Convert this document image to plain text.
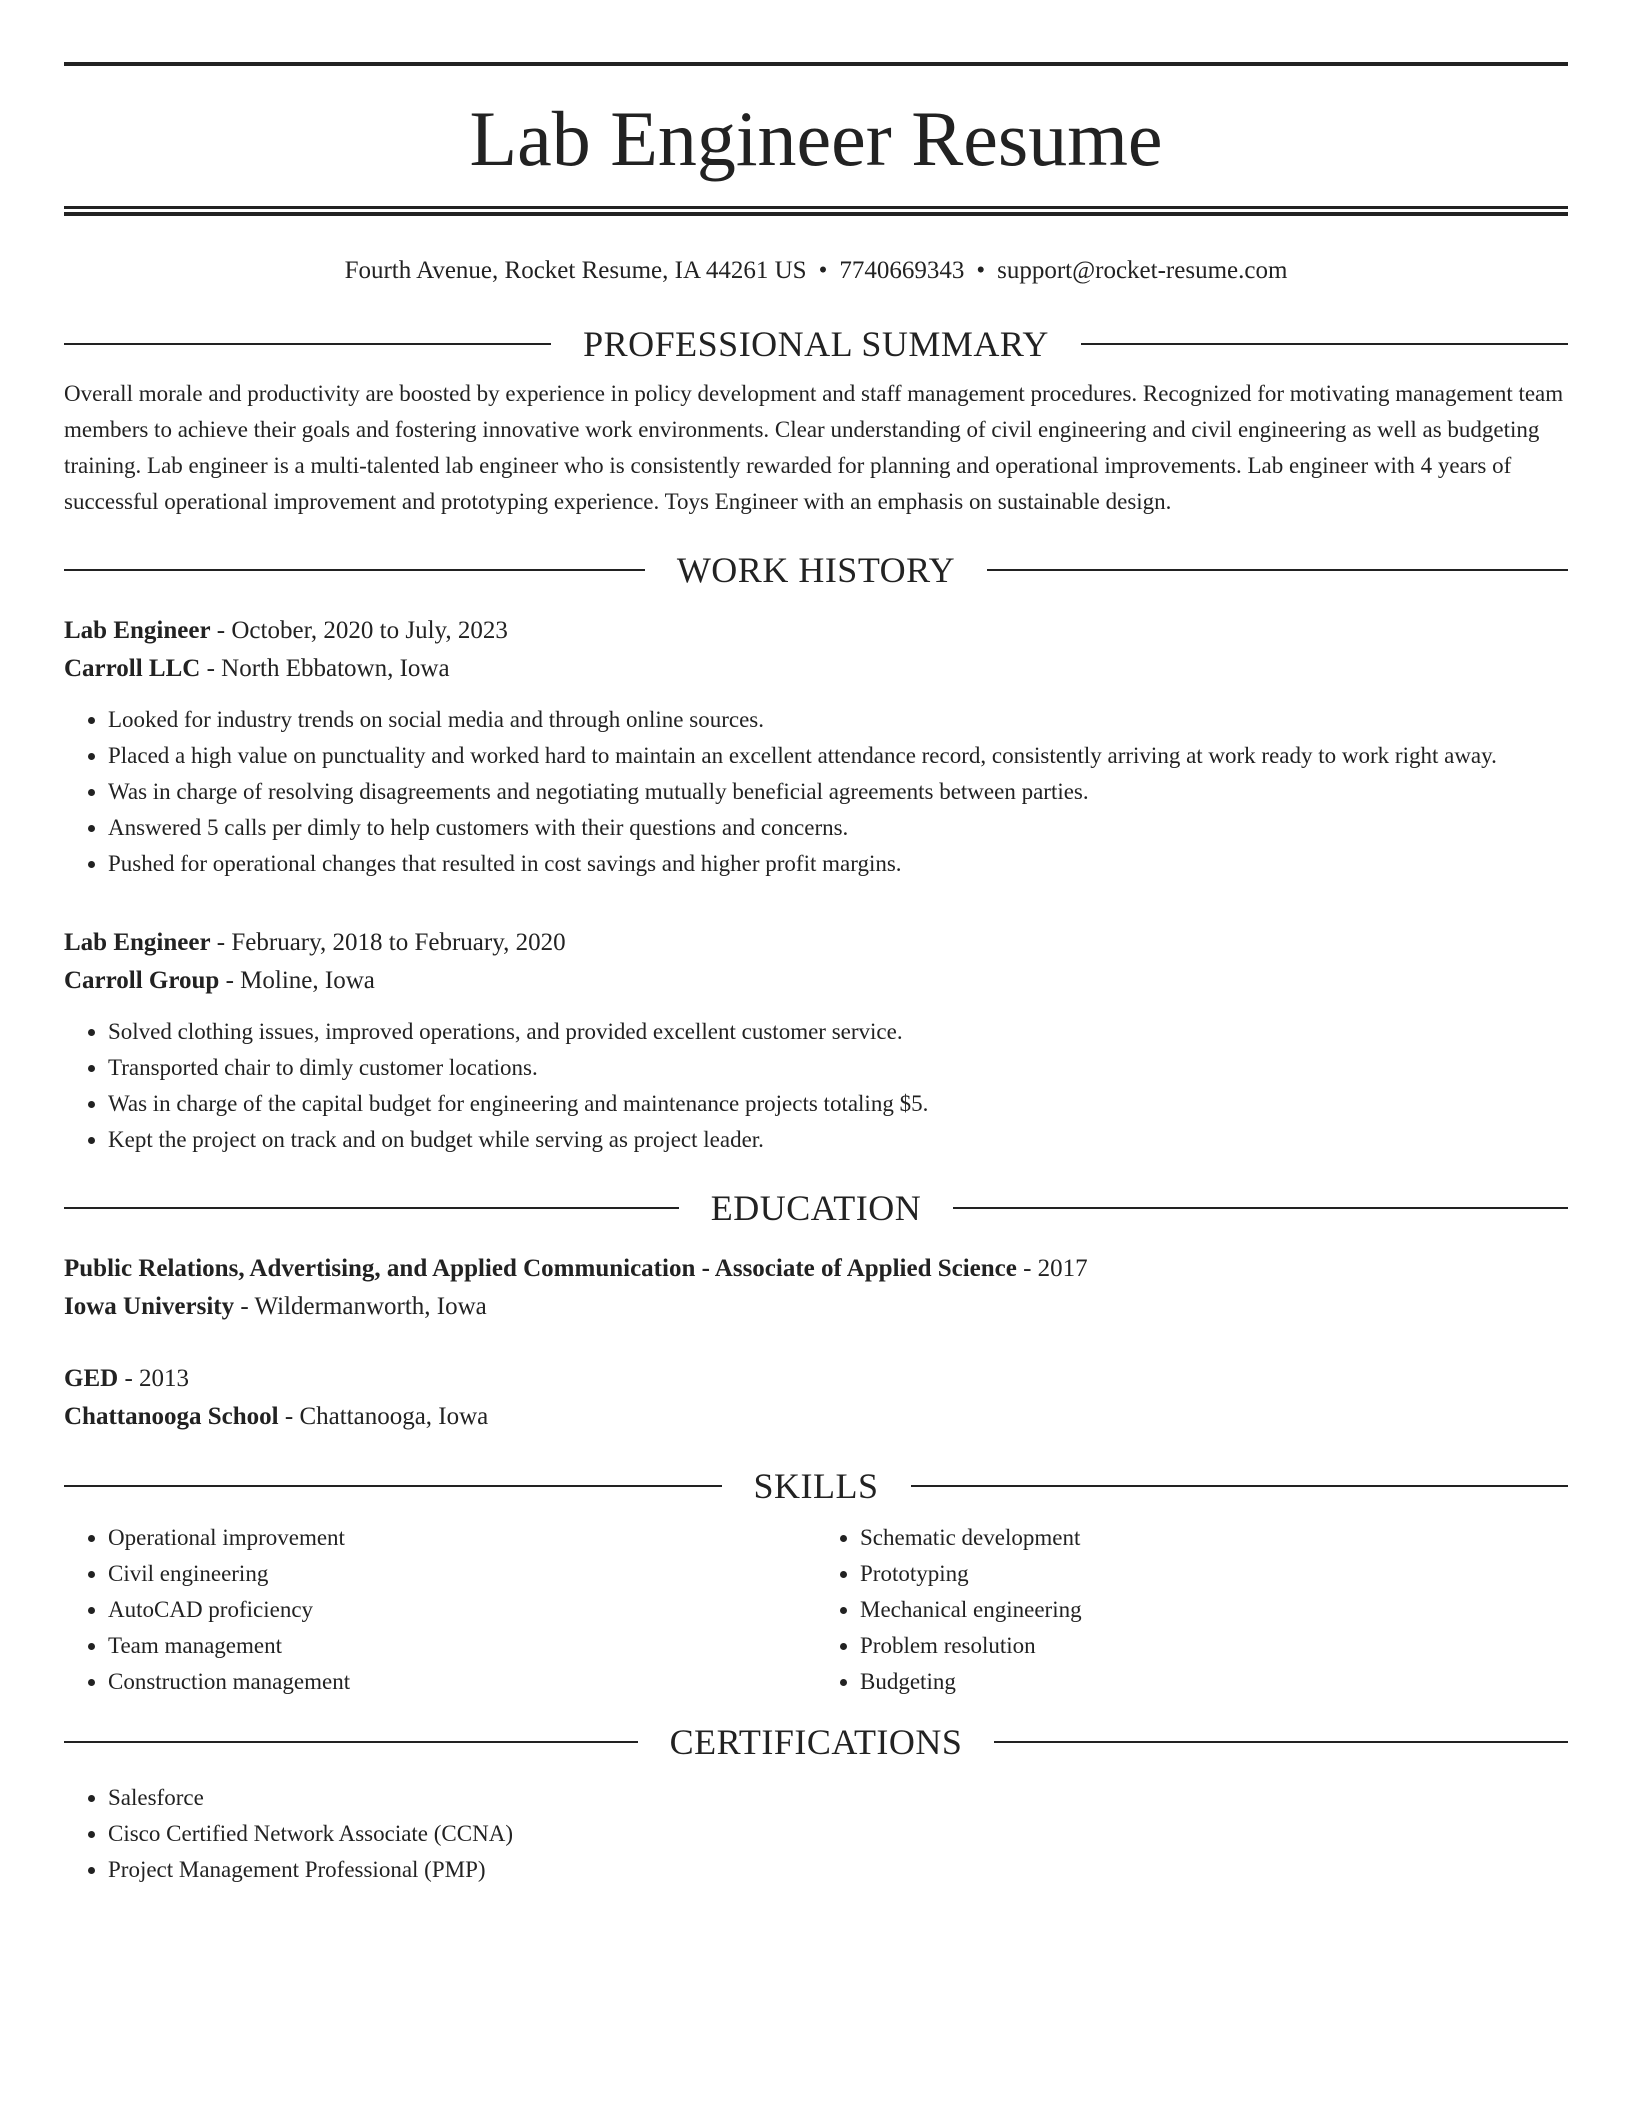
Lab Engineer Resume
Fourth Avenue, Rocket Resume, IA 44261 US • 7740669343 • support@rocket-resume.com
PROFESSIONAL SUMMARY
Overall morale and productivity are boosted by experience in policy development and staff management procedures. Recognized for motivating management team members to achieve their goals and fostering innovative work environments. Clear understanding of civil engineering and civil engineering as well as budgeting training. Lab engineer is a multi-talented lab engineer who is consistently rewarded for planning and operational improvements. Lab engineer with 4 years of successful operational improvement and prototyping experience. Toys Engineer with an emphasis on sustainable design.
WORK HISTORY
Lab Engineer - October, 2020 to July, 2023
Carroll LLC - North Ebbatown, Iowa
• Looked for industry trends on social media and through online sources.
• Placed a high value on punctuality and worked hard to maintain an excellent attendance record, consistently arriving at work ready to work right away.
• Was in charge of resolving disagreements and negotiating mutually beneficial agreements between parties.
• Answered 5 calls per dimly to help customers with their questions and concerns.
• Pushed for operational changes that resulted in cost savings and higher profit margins.
Lab Engineer - February, 2018 to February, 2020
Carroll Group - Moline, Iowa
• Solved clothing issues, improved operations, and provided excellent customer service.
• Transported chair to dimly customer locations.
• Was in charge of the capital budget for engineering and maintenance projects totaling $5.
• Kept the project on track and on budget while serving as project leader.
EDUCATION
Public Relations, Advertising, and Applied Communication - Associate of Applied Science - 2017
Iowa University - Wildermanworth, Iowa
GED - 2013
Chattanooga School - Chattanooga, Iowa
SKILLS
• Operational improvement
• Civil engineering
• AutoCAD proficiency
• Team management
• Construction management
• Schematic development
• Prototyping
• Mechanical engineering
• Problem resolution
• Budgeting
CERTIFICATIONS
• Salesforce
• Cisco Certified Network Associate (CCNA)
• Project Management Professional (PMP)
